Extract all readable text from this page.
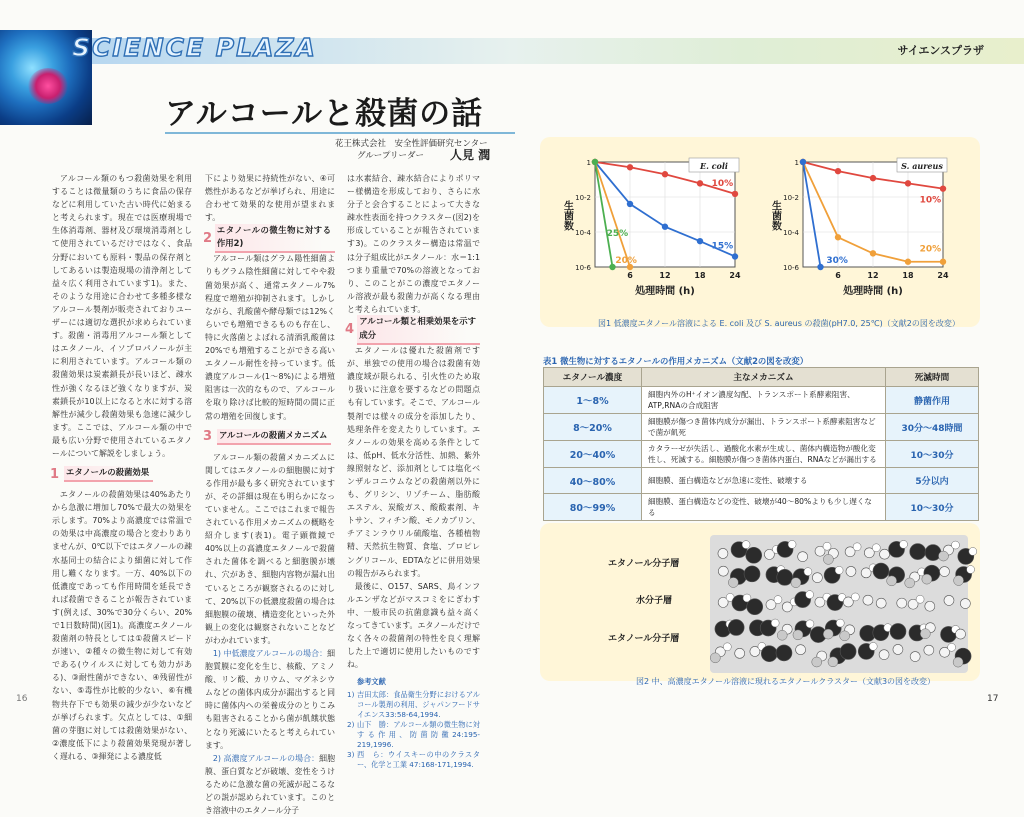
SCIENCE PLAZA	サイエンスプラザ
アルコールと殺菌の話
花王株式会社　安全性評価研究センター
グループリーダー 人見 潤

アルコール類のもつ殺菌効果を利用することは微量類のうちに食品の保存などに利用していた古い時代に始まると考えられます。現在では医療現場で生体消毒剤、器材及び環境消毒剤として使用されているだけではなく、食品分野においても原料・製品の保存剤としてあるいは製造現場の清浄剤として益々広く利用されています1)。また、そのような用途に合わせて多種多様なアルコール製剤が販売されておりユーザーには適切な選択が求められています。殺菌・消毒用アルコール類としてはエタノール、イソプロパノールが主に利用されています。アルコール類の殺菌効果は炭素鎖長が長いほど、疎水性が強くなるほど強くなりますが、炭素鎖長が10以上になると水に対する溶解性が減少し殺菌効果も急速に減少します。ここでは、アルコール類の中で最も広い分野で使用されているエタノールについて解説をしましょう。

1 エタノールの殺菌効果

エタノールの殺菌効果は40%あたりから急激に増加し70%で最大の効果を示します。70%より高濃度では常温での効果は中高濃度の場合と変わりありませんが、0℃以下ではエタノールの疎水基同士の結合により細菌に対して作用し難くなります。一方、40%以下の低濃度であっても作用時間を延長できれば殺菌できることが報告されています(例えば、30%で30分くらい、20%で1日数時間)(図1)。高濃度エタノール殺菌剤の特長としては①殺菌スピードが速い、②種々の微生物に対して有効である(ウイルスに対しても効力がある)、③耐性菌ができない、④残留性がない、⑤毒性が比較的少ない、⑥有機物共存下でも効果の減少が少ないなどが挙げられます。欠点としては、①細菌の芽胞に対しては殺菌効果がない、②濃度低下により殺菌効果発現が著しく遅れる、③揮発による濃度低

下により効果に持続性がない、④可燃性があるなどが挙げられ、用途に合わせて効果的な使用が望まれます。

2
エタノールの微生物に対する作用2)

アルコール類はグラム陽性細菌よりもグラム陰性細菌に対してやや殺菌効果が高く、通常エタノール7%程度で増殖が抑制されます。しかしながら、乳酸菌や酵母類では12%くらいでも増殖できるものも存在し、特に火落菌とよばれる清酒乳酸菌は20%でも増殖することができる高いエタノール耐性を持っています。低濃度アルコール(1〜8%)による増殖阻害は一次的なもので、アルコールを取り除けば比較的短時間の間に正常の増殖を回復します。

3 アルコールの殺菌メカニズム

アルコール類の殺菌メカニズムに関してはエタノールの細胞膜に対する作用が最も多く研究されていますが、その詳細は現在も明らかになっていません。ここではこれまで報告されている作用メカニズムの概略を紹介します(表1)。電子顕微鏡で40%以上の高濃度エタノールで殺菌された菌体を調べると細胞膜が壊れ、穴があき、細胞内容物が漏れ出ているところが観察されるのに対して、20%以下の低濃度殺菌の場合は細胞膜の破壊、構造変化といった外観上の変化は観察されないことなどがわかれています。

1) 中低濃度アルコールの場合：細胞質膜に変化を生じ、核酸、アミノ酸、リン酸、カリウム、マグネシウムなどの菌体内成分が漏出すると同時に菌体内への栄養成分のとりこみも阻害されることから菌が飢餓状態となり死滅にいたると考えられています。

2) 高濃度アルコールの場合：細胞膜、蛋白質などが破壊、変性をうけるために急激な菌の死滅が起こるなどの説が認められています。このとき溶液中のエタノール分子

は水素結合、疎水結合によりポリマー様構造を形成しており、さらに水分子と会合することによって大きな疎水性表面を持つクラスター(図2)を形成していることが報告されています3)。このクラスター構造は常温では分子組成比がエタノール：水＝1:1つまり重量で70%の溶液となっており、このことがこの濃度でエタノール溶液が最も殺菌力が高くなる理由と考えられています。

4
アルコール類と相乗効果を示す成分

エタノールは優れた殺菌剤ですが、単独での使用の場合は殺菌有効濃度域が限られる、引火性のため取り扱いに注意を要するなどの問題点も有しています。そこで、アルコール製剤では様々の成分を添加したり、処理条件を変えたりしています。エタノールの効果を高める条件としては、低pH、低水分活性、加熱、紫外線照射など、添加剤としては塩化ベンザルコニウムなどの殺菌剤以外にも、グリシン、リゾチーム、脂肪酸エステル、炭酸ガス、酸酸素剤、キトサン、フィチン酸、モノカプリン、チアミンラウリル硫酸塩、各種植物精、天然抗生物質、食塩、プロピレングリコール、EDTAなどに併用効果の報告がみられます。

最後に、O157、SARS、鳥インフルエンザなどがマスコミをにぎわす中、一般市民の抗菌意識も益々高くなってきています。エタノールだけでなく各々の殺菌剤の特性を良く理解した上で適切に使用したいものですね。

参考文献
1) 吉田太郎：食品衛生分野におけるアルコール製剤の利用、ジャパンフードサイエンス33:58-64,1994.
2) 山下　勝：アルコール類の微生物に対する作用、防菌防黴24:195-219,1996.
3) 西　ら：ウイスキーの中のクラスター、化学と工業 47:168-171,1994.
1
10-2
10-4
10-6
6	12	18	24
処理時間 (h)
生菌数
E. coli
10%
15%
20%
25%
1
10-2
10-4
10-6
6	12	18	24
処理時間 (h)
生菌数
S. aureus
10%
20%
30%
図1 低濃度エタノール溶液による E. coli 及び S. aureus の殺菌(pH7.0, 25℃)（文献2の図を改変）
表1 微生物に対するエタノールの作用メカニズム（文献2の図を改変）
エタノール濃度	主なメカニズム	死滅時間
1〜8%	細胞内外のH⁺イオン濃度勾配、トランスポート系酵素阻害、ATP,RNAの合成阻害	静菌作用
8〜20%	細胞膜が傷つき菌体内成分が漏出、トランスポート系酵素阻害などで菌が飢死	30分〜48時間
20〜40%	カタラーゼが失活し、過酸化水素が生成し、菌体内構造物が酸化変性し、死滅する。細胞膜が傷つき菌体内蛋白、RNAなどが漏出する	10〜30分
40〜80%	細胞膜、蛋白構造などが急速に変性、破壊する	5分以内
80〜99%	細胞膜、蛋白構造などの変性、破壊が40〜80%よりも少し遅くなる	10〜30分
エタノール分子層
水分子層
エタノール分子層
図2 中、高濃度エタノール溶液に現れるエタノールクラスター（文献3の図を改変）
16	17
